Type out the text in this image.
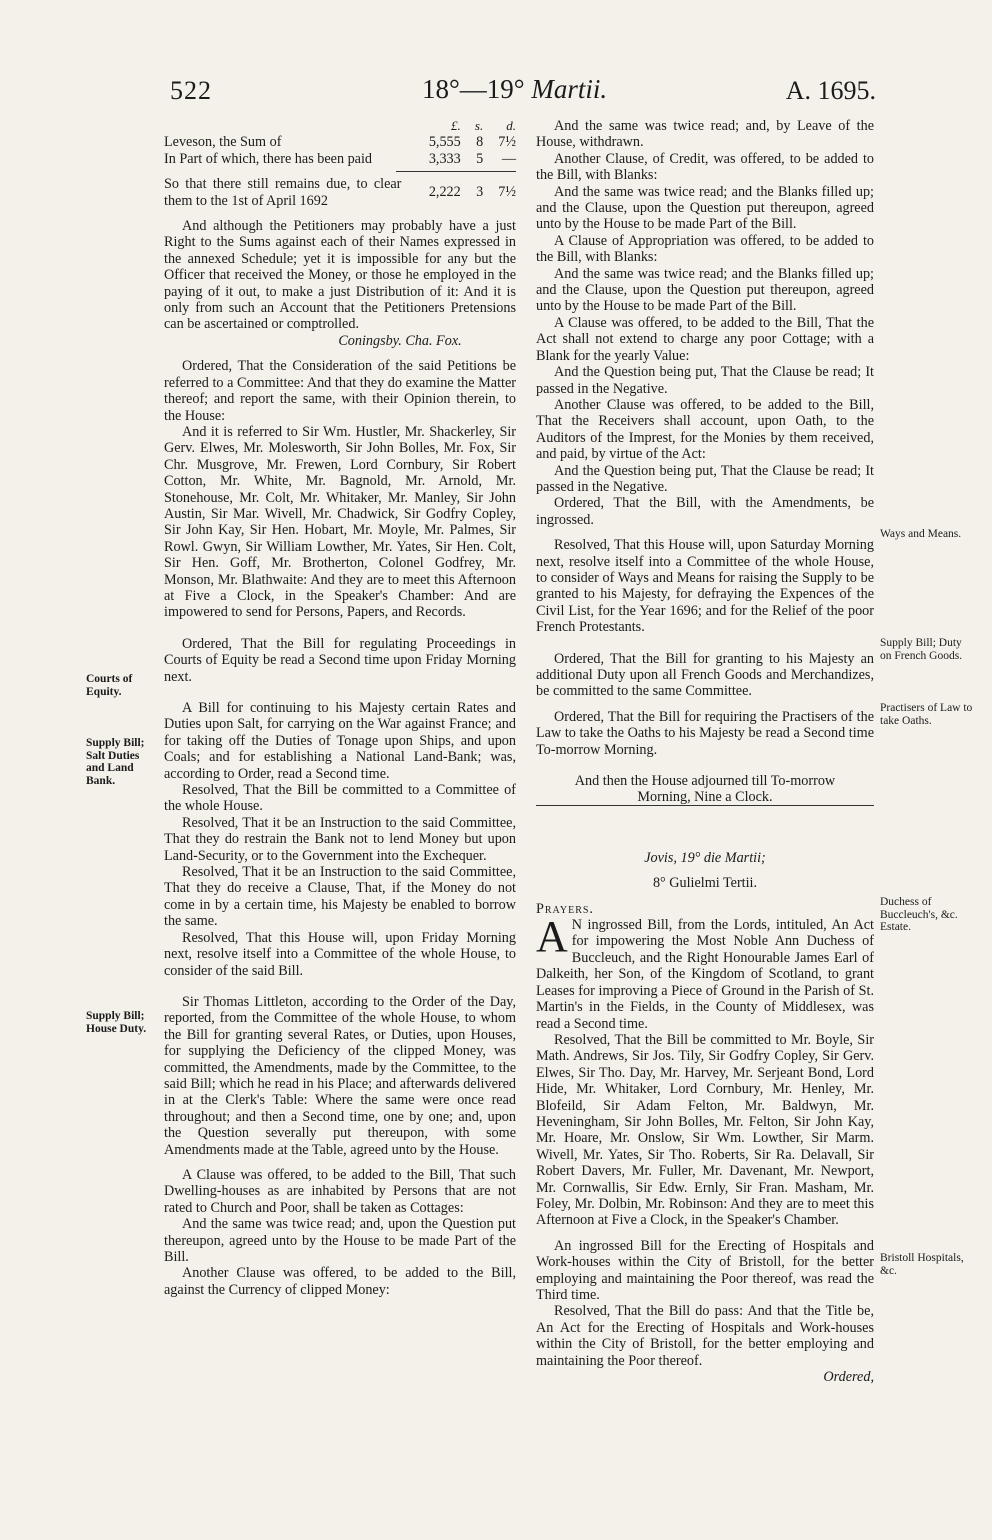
522	18°—19° Martii.	A. 1695.
	£.	s.	d.
Leveson, the Sum of	5,555	8	7½
In Part of which, there has been paid	3,333	5	—
So that there still remains due, to clear them to the 1st of April 1692	2,222	3	7½

And although the Petitioners may probably have a just Right to the Sums against each of their Names expressed in the annexed Schedule; yet it is impossible for any but the Officer that received the Money, or those he employed in the paying of it out, to make a just Distribution of it: And it is only from such an Account that the Petitioners Pretensions can be ascertained or comptrolled.

Coningsby. Cha. Fox.

Ordered, That the Consideration of the said Petitions be referred to a Committee: And that they do examine the Matter thereof; and report the same, with their Opinion therein, to the House:

And it is referred to Sir Wm. Hustler, Mr. Shackerley, Sir Gerv. Elwes, Mr. Molesworth, Sir John Bolles, Mr. Fox, Sir Chr. Musgrove, Mr. Frewen, Lord Cornbury, Sir Robert Cotton, Mr. White, Mr. Bagnold, Mr. Arnold, Mr. Stonehouse, Mr. Colt, Mr. Whitaker, Mr. Manley, Sir John Austin, Sir Mar. Wivell, Mr. Chadwick, Sir Godfry Copley, Sir John Kay, Sir Hen. Hobart, Mr. Moyle, Mr. Palmes, Sir Rowl. Gwyn, Sir William Lowther, Mr. Yates, Sir Hen. Colt, Sir Hen. Goff, Mr. Brotherton, Colonel Godfrey, Mr. Monson, Mr. Blathwaite: And they are to meet this Afternoon at Five a Clock, in the Speaker's Chamber: And are impowered to send for Persons, Papers, and Records.

Ordered, That the Bill for regulating Proceedings in Courts of Equity be read a Second time upon Friday Morning next.

A Bill for continuing to his Majesty certain Rates and Duties upon Salt, for carrying on the War against France; and for taking off the Duties of Tonage upon Ships, and upon Coals; and for establishing a National Land-Bank; was, according to Order, read a Second time.

Resolved, That the Bill be committed to a Committee of the whole House.

Resolved, That it be an Instruction to the said Committee, That they do restrain the Bank not to lend Money but upon Land-Security, or to the Government into the Exchequer.

Resolved, That it be an Instruction to the said Committee, That they do receive a Clause, That, if the Money do not come in by a certain time, his Majesty be enabled to borrow the same.

Resolved, That this House will, upon Friday Morning next, resolve itself into a Committee of the whole House, to consider of the said Bill.

Sir Thomas Littleton, according to the Order of the Day, reported, from the Committee of the whole House, to whom the Bill for granting several Rates, or Duties, upon Houses, for supplying the Deficiency of the clipped Money, was committed, the Amendments, made by the Committee, to the said Bill; which he read in his Place; and afterwards delivered in at the Clerk's Table: Where the same were once read throughout; and then a Second time, one by one; and, upon the Question severally put thereupon, with some Amendments made at the Table, agreed unto by the House.

A Clause was offered, to be added to the Bill, That such Dwelling-houses as are inhabited by Persons that are not rated to Church and Poor, shall be taken as Cottages:

And the same was twice read; and, upon the Question put thereupon, agreed unto by the House to be made Part of the Bill.

Another Clause was offered, to be added to the Bill, against the Currency of clipped Money:

Courts of Equity.
Supply Bill; Salt Duties and Land Bank.
Supply Bill; House Duty.

And the same was twice read; and, by Leave of the House, withdrawn.

Another Clause, of Credit, was offered, to be added to the Bill, with Blanks:

And the same was twice read; and the Blanks filled up; and the Clause, upon the Question put thereupon, agreed unto by the House to be made Part of the Bill.

A Clause of Appropriation was offered, to be added to the Bill, with Blanks:

And the same was twice read; and the Blanks filled up; and the Clause, upon the Question put thereupon, agreed unto by the House to be made Part of the Bill.

A Clause was offered, to be added to the Bill, That the Act shall not extend to charge any poor Cottage; with a Blank for the yearly Value:

And the Question being put, That the Clause be read; It passed in the Negative.

Another Clause was offered, to be added to the Bill, That the Receivers shall account, upon Oath, to the Auditors of the Imprest, for the Monies by them received, and paid, by virtue of the Act:

And the Question being put, That the Clause be read; It passed in the Negative.

Ordered, That the Bill, with the Amendments, be ingrossed.

Resolved, That this House will, upon Saturday Morning next, resolve itself into a Committee of the whole House, to consider of Ways and Means for raising the Supply to be granted to his Majesty, for defraying the Expences of the Civil List, for the Year 1696; and for the Relief of the poor French Protestants.

Ordered, That the Bill for granting to his Majesty an additional Duty upon all French Goods and Merchandizes, be committed to the same Committee.

Ordered, That the Bill for requiring the Practisers of the Law to take the Oaths to his Majesty be read a Second time To-morrow Morning.

And then the House adjourned till To-morrow Morning, Nine a Clock.

Jovis, 19° die Martii;

8° Gulielmi Tertii.

Prayers.

A N ingrossed Bill, from the Lords, intituled, An Act for impowering the Most Noble Ann Duchess of Buccleuch, and the Right Honourable James Earl of Dalkeith, her Son, of the Kingdom of Scotland, to grant Leases for improving a Piece of Ground in the Parish of St. Martin's in the Fields, in the County of Middlesex, was read a Second time.

Resolved, That the Bill be committed to Mr. Boyle, Sir Math. Andrews, Sir Jos. Tily, Sir Godfry Copley, Sir Gerv. Elwes, Sir Tho. Day, Mr. Harvey, Mr. Serjeant Bond, Lord Hide, Mr. Whitaker, Lord Cornbury, Mr. Henley, Mr. Blofeild, Sir Adam Felton, Mr. Baldwyn, Mr. Heveningham, Sir John Bolles, Mr. Felton, Sir John Kay, Mr. Hoare, Mr. Onslow, Sir Wm. Lowther, Sir Marm. Wivell, Mr. Yates, Sir Tho. Roberts, Sir Ra. Delavall, Sir Robert Davers, Mr. Fuller, Mr. Davenant, Mr. Newport, Mr. Cornwallis, Sir Edw. Ernly, Sir Fran. Masham, Mr. Foley, Mr. Dolbin, Mr. Robinson: And they are to meet this Afternoon at Five a Clock, in the Speaker's Chamber.

An ingrossed Bill for the Erecting of Hospitals and Work-houses within the City of Bristoll, for the better employing and maintaining the Poor thereof, was read the Third time.

Resolved, That the Bill do pass: And that the Title be, An Act for the Erecting of Hospitals and Work-houses within the City of Bristoll, for the better employing and maintaining the Poor thereof.

Ordered,

Ways and Means.
Supply Bill; Duty on French Goods.
Practisers of Law to take Oaths.
Duchess of Buccleuch's, &c. Estate.
Bristoll Hospitals, &c.
